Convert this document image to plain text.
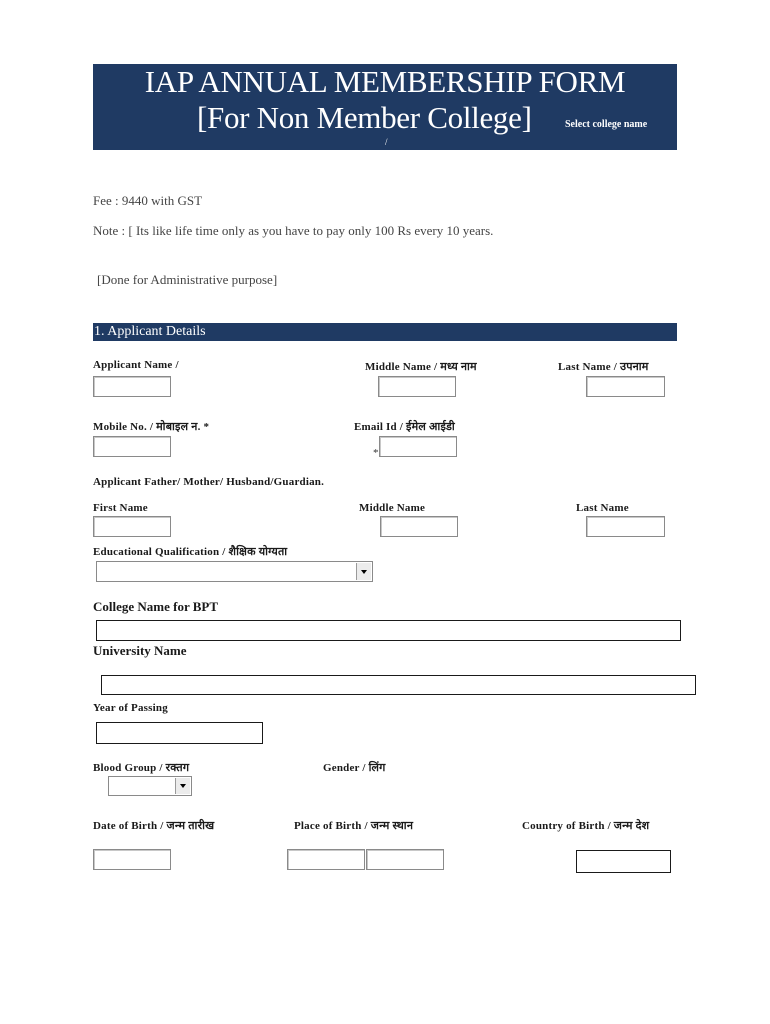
IAP ANNUAL MEMBERSHIP FORM
[For Non Member College]	Select college name
/
Fee : 9440 with GST
Note : [ Its like life time only as you have to pay only 100 Rs every 10 years.
[Done for Administrative purpose]
1. Applicant Details
Applicant Name /	Middle Name / मध्य नाम	Last Name / उपनाम
Mobile No. / मोबाइल न. *	Email Id / ईमेल आईडी
*
Applicant Father/ Mother/ Husband/Guardian.
First Name	Middle Name	Last Name
Educational Qualification / शैक्षिक योग्यता
College Name for BPT
University Name
Year of Passing
Blood Group / रक्तग	Gender / लिंग
Date of Birth / जन्म तारीख	Place of Birth / जन्म स्थान	Country of Birth / जन्म देश
